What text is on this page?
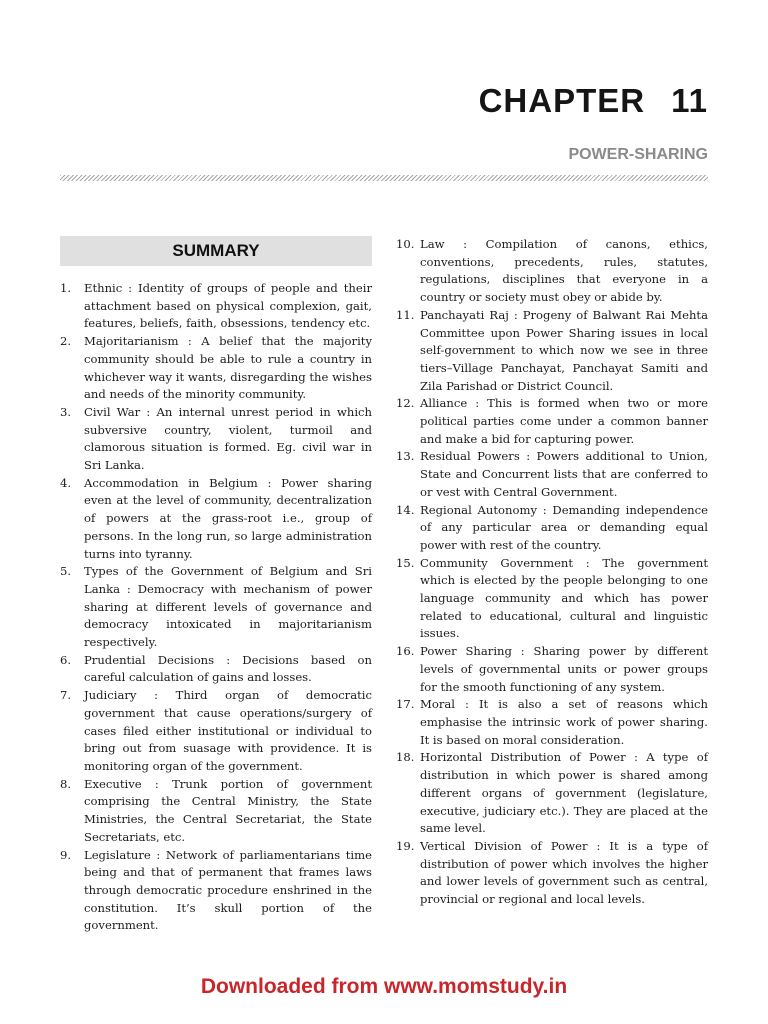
CHAPTER 11
POWER-SHARING
SUMMARY
1. Ethnic : Identity of groups of people and their attachment based on physical complexion, gait, features, beliefs, faith, obsessions, tendency etc.
2. Majoritarianism : A belief that the majority community should be able to rule a country in whichever way it wants, disregarding the wishes and needs of the minority community.
3. Civil War : An internal unrest period in which subversive country, violent, turmoil and clamorous situation is formed. Eg. civil war in Sri Lanka.
4. Accommodation in Belgium : Power sharing even at the level of community, decentralization of powers at the grass-root i.e., group of persons. In the long run, so large administration turns into tyranny.
5. Types of the Government of Belgium and Sri Lanka : Democracy with mechanism of power sharing at different levels of governance and democracy intoxicated in majoritarianism respectively.
6. Prudential Decisions : Decisions based on careful calculation of gains and losses.
7. Judiciary : Third organ of democratic government that cause operations/surgery of cases filed either institutional or individual to bring out from suasage with providence. It is monitoring organ of the government.
8. Executive : Trunk portion of government comprising the Central Ministry, the State Ministries, the Central Secretariat, the State Secretariats, etc.
9. Legislature : Network of parliamentarians time being and that of permanent that frames laws through democratic procedure enshrined in the constitution. It’s skull portion of the government.
10. Law : Compilation of canons, ethics, conventions, precedents, rules, statutes, regulations, disciplines that everyone in a country or society must obey or abide by.
11. Panchayati Raj : Progeny of Balwant Rai Mehta Committee upon Power Sharing issues in local self-government to which now we see in three tiers–Village Panchayat, Panchayat Samiti and Zila Parishad or District Council.
12. Alliance : This is formed when two or more political parties come under a common banner and make a bid for capturing power.
13. Residual Powers : Powers additional to Union, State and Concurrent lists that are conferred to or vest with Central Government.
14. Regional Autonomy : Demanding independence of any particular area or demanding equal power with rest of the country.
15. Community Government : The government which is elected by the people belonging to one language community and which has power related to educational, cultural and linguistic issues.
16. Power Sharing : Sharing power by different levels of governmental units or power groups for the smooth functioning of any system.
17. Moral : It is also a set of reasons which emphasise the intrinsic work of power sharing. It is based on moral consideration.
18. Horizontal Distribution of Power : A type of distribution in which power is shared among different organs of government (legislature, executive, judiciary etc.). They are placed at the same level.
19. Vertical Division of Power : It is a type of distribution of power which involves the higher and lower levels of government such as central, provincial or regional and local levels.
Downloaded from www.momstudy.in
